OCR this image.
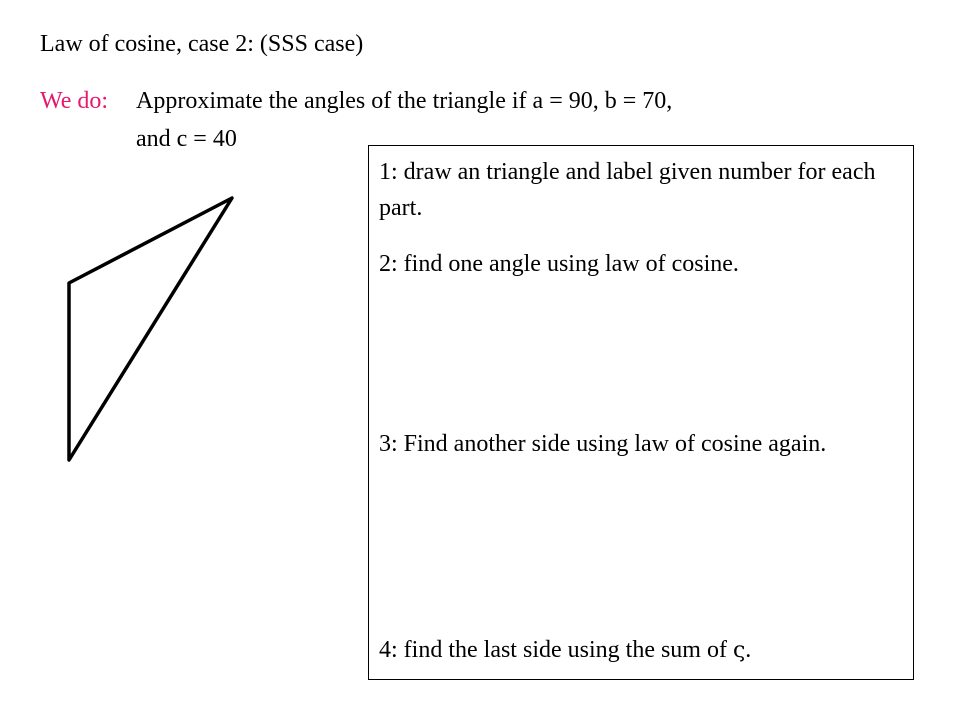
Law of cosine, case 2: (SSS case)
We do: Approximate the angles of the triangle if a = 90, b = 70,
and c = 40
1: draw an triangle and label given number for each part.
2: find one angle using law of cosine.
3: Find another side using law of cosine again.
4: find the last side using the sum of ς.
